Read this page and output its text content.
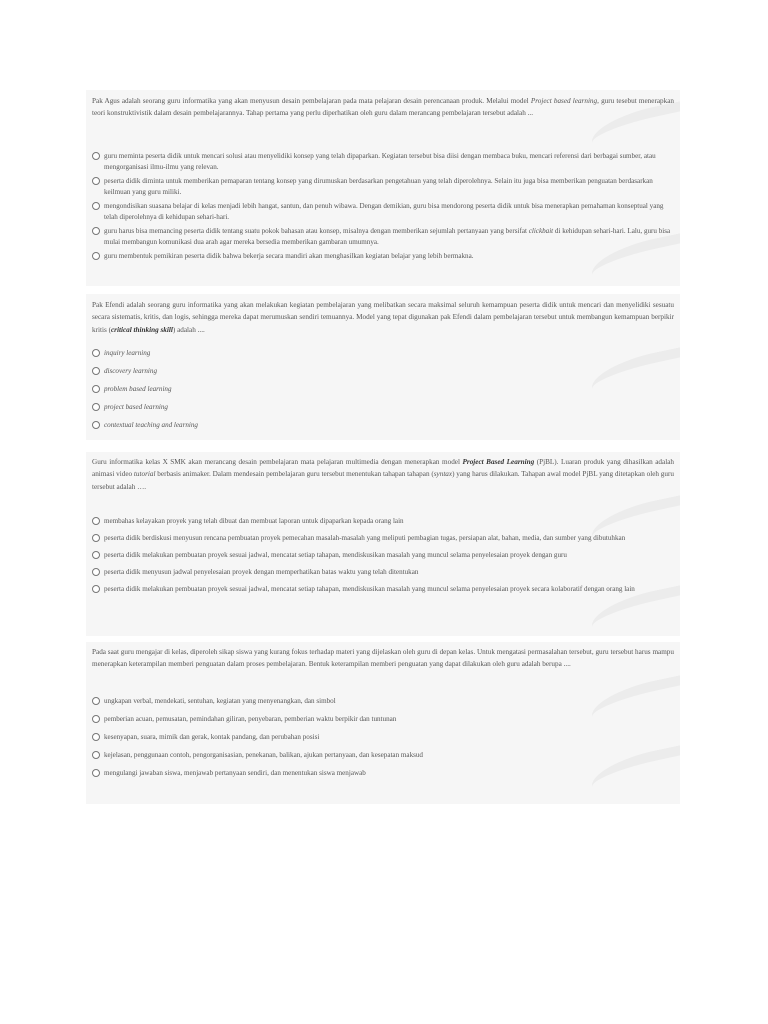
Pak Agus adalah seorang guru informatika yang akan menyusun desain pembelajaran pada mata pelajaran desain perencanaan produk. Melalui model Project based learning, guru tesebut menerapkan teori konstruktivistik dalam desain pembelajarannya. Tahap pertama yang perlu diperhatikan oleh guru dalam merancang pembelajaran tersebut adalah ...

guru meminta peserta didik untuk mencari solusi atau menyelidiki konsep yang telah dipaparkan. Kegiatan tersebut bisa diisi dengan membaca buku, mencari referensi dari berbagai sumber, atau mengorganisasi ilmu-ilmu yang relevan.
peserta didik diminta untuk memberikan pemaparan tentang konsep yang dirumuskan berdasarkan pengetahuan yang telah diperolehnya. Selain itu juga bisa memberikan penguatan berdasarkan keilmuan yang guru miliki.
mengondisikan suasana belajar di kelas menjadi lebih hangat, santun, dan penuh wibawa. Dengan demikian, guru bisa mendorong peserta didik untuk bisa menerapkan pemahaman konseptual yang telah diperolehnya di kehidupan sehari-hari.
guru harus bisa memancing peserta didik tentang suatu pokok bahasan atau konsep, misalnya dengan memberikan sejumlah pertanyaan yang bersifat clickbait di kehidupan sehari-hari. Lalu, guru bisa mulai membangun komunikasi dua arah agar mereka bersedia memberikan gambaran umumnya.
guru membentuk pemikiran peserta didik bahwa bekerja secara mandiri akan menghasilkan kegiatan belajar yang lebih bermakna.

Pak Efendi adalah seorang guru informatika yang akan melakukan kegiatan pembelajaran yang melibatkan secara maksimal seluruh kemampuan peserta didik untuk mencari dan menyelidiki sesuatu secara sistematis, kritis, dan logis, sehingga mereka dapat merumuskan sendiri temuannya. Model yang tepat digunakan pak Efendi dalam pembelajaran tersebut untuk membangun kemampuan berpikir kritis (critical thinking skill) adalah ....

inquiry learning
discovery learning
problem based learning
project based learning
contextual teaching and learning

Guru informatika kelas X SMK akan merancang desain pembelajaran mata pelajaran multimedia dengan menerapkan model Project Based Learning (PjBL). Luaran produk yang dihasilkan adalah animasi video tutorial berbasis animaker. Dalam mendesain pembelajaran guru tersebut menentukan tahapan tahapan (syntax) yang harus dilakukan. Tahapan awal model PjBL yang ditetapkan oleh guru tersebut adalah ….

membahas kelayakan proyek yang telah dibuat dan membuat laporan untuk dipaparkan kepada orang lain
peserta didik berdiskusi menyusun rencana pembuatan proyek pemecahan masalah-masalah yang meliputi pembagian tugas, persiapan alat, bahan, media, dan sumber yang dibutuhkan
peserta didik melakukan pembuatan proyek sesuai jadwal, mencatat setiap tahapan, mendiskusikan masalah yang muncul selama penyelesaian proyek dengan guru
peserta didik menyusun jadwal penyelesaian proyek dengan memperhatikan batas waktu yang telah ditentukan
peserta didik melakukan pembuatan proyek sesuai jadwal, mencatat setiap tahapan, mendiskusikan masalah yang muncul selama penyelesaian proyek secara kolaboratif dengan orang lain

Pada saat guru mengajar di kelas, diperoleh sikap siswa yang kurang fokus terhadap materi yang dijelaskan oleh guru di depan kelas. Untuk mengatasi permasalahan tersebut, guru tersebut harus mampu menerapkan keterampilan memberi penguatan dalam proses pembelajaran. Bentuk keterampilan memberi penguatan yang dapat dilakukan oleh guru adalah berupa ....

ungkapan verbal, mendekati, sentuhan, kegiatan yang menyenangkan, dan simbol
pemberian acuan, pemusatan, pemindahan giliran, penyebaran, pemberian waktu berpikir dan tuntunan
kesenyapan, suara, mimik dan gerak, kontak pandang, dan perubahan posisi
kejelasan, penggunaan contoh, pengorganisasian, penekanan, balikan, ajukan pertanyaan, dan kesepatan maksud
mengulangi jawaban siswa, menjawab pertanyaan sendiri, dan menentukan siswa menjawab
